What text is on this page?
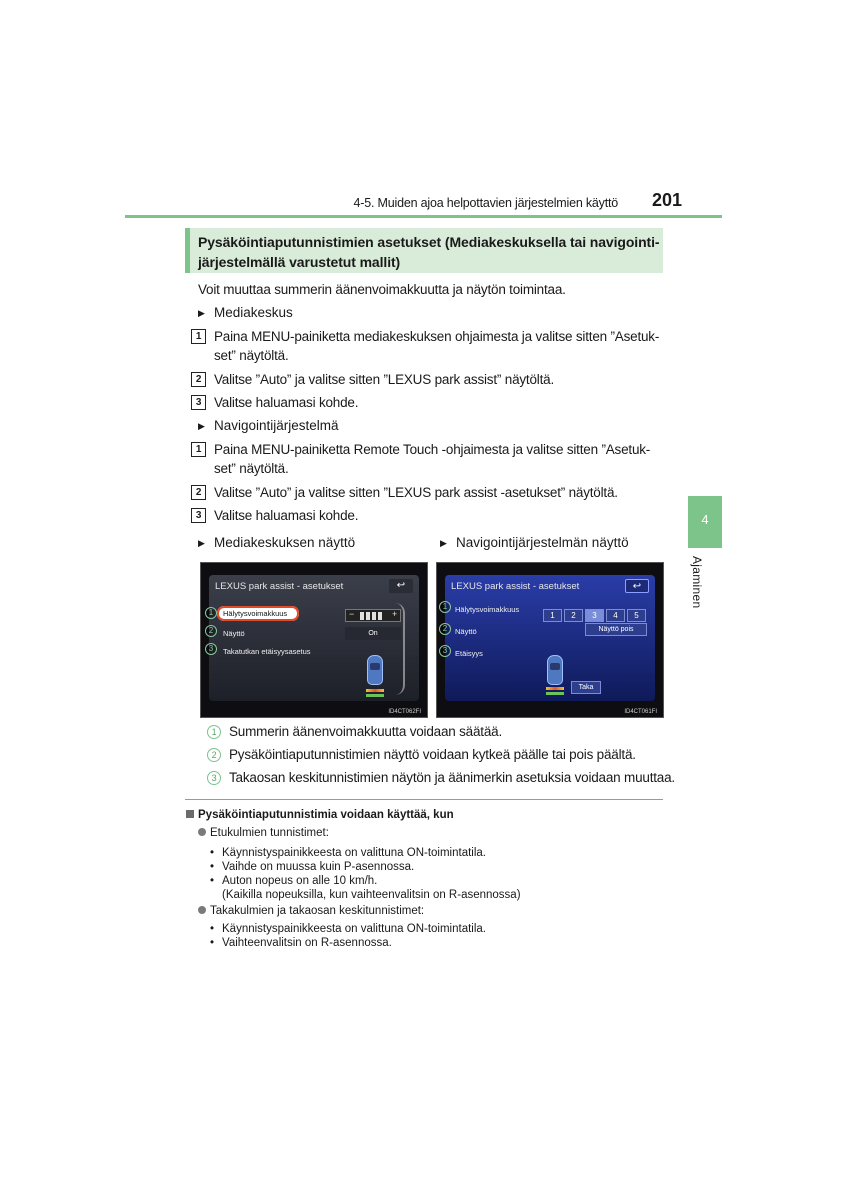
4-5. Muiden ajoa helpottavien järjestelmien käyttö 201
4
Ajaminen
Pysäköintiaputunnistimien asetukset (Mediakeskuksella tai navigointi-
järjestelmällä varustetut mallit)
Voit muuttaa summerin äänenvoimakkuutta ja näytön toimintaa.
▶ Mediakeskus
1 Paina MENU-painiketta mediakeskuksen ohjaimesta ja valitse sitten ”Asetuk-
set” näytöltä.
2 Valitse ”Auto” ja valitse sitten ”LEXUS park assist” näytöltä.
3 Valitse haluamasi kohde.
▶ Navigointijärjestelmä
1 Paina MENU-painiketta Remote Touch -ohjaimesta ja valitse sitten ”Asetuk-
set” näytöltä.
2 Valitse ”Auto” ja valitse sitten ”LEXUS park assist -asetukset” näytöltä.
3 Valitse haluamasi kohde.
▶ Mediakeskuksen näyttö	▶ Navigointijärjestelmän näyttö
LEXUS park assist - asetukset	↩
Hälytysvoimakkuus
Näyttö
Takatutkan etäisyysasetus
−	+
On
1
2
3
ID4CT062FI
LEXUS park assist - asetukset	↩
Hälytysvoimakkuus
Näyttö
Etäisyys
1	2	3	4	5
Näyttö pois
Taka
1
2
3
ID4CT061FI
1 Summerin äänenvoimakkuutta voidaan säätää.
2 Pysäköintiaputunnistimien näyttö voidaan kytkeä päälle tai pois päältä.
3 Takaosan keskitunnistimien näytön ja äänimerkin asetuksia voidaan muuttaa.
Pysäköintiaputunnistimia voidaan käyttää, kun
Etukulmien tunnistimet:
• Käynnistyspainikkeesta on valittuna ON-toimintatila.
• Vaihde on muussa kuin P-asennossa.
• Auton nopeus on alle 10 km/h.
(Kaikilla nopeuksilla, kun vaihteenvalitsin on R-asennossa)
Takakulmien ja takaosan keskitunnistimet:
• Käynnistyspainikkeesta on valittuna ON-toimintatila.
• Vaihteenvalitsin on R-asennossa.
